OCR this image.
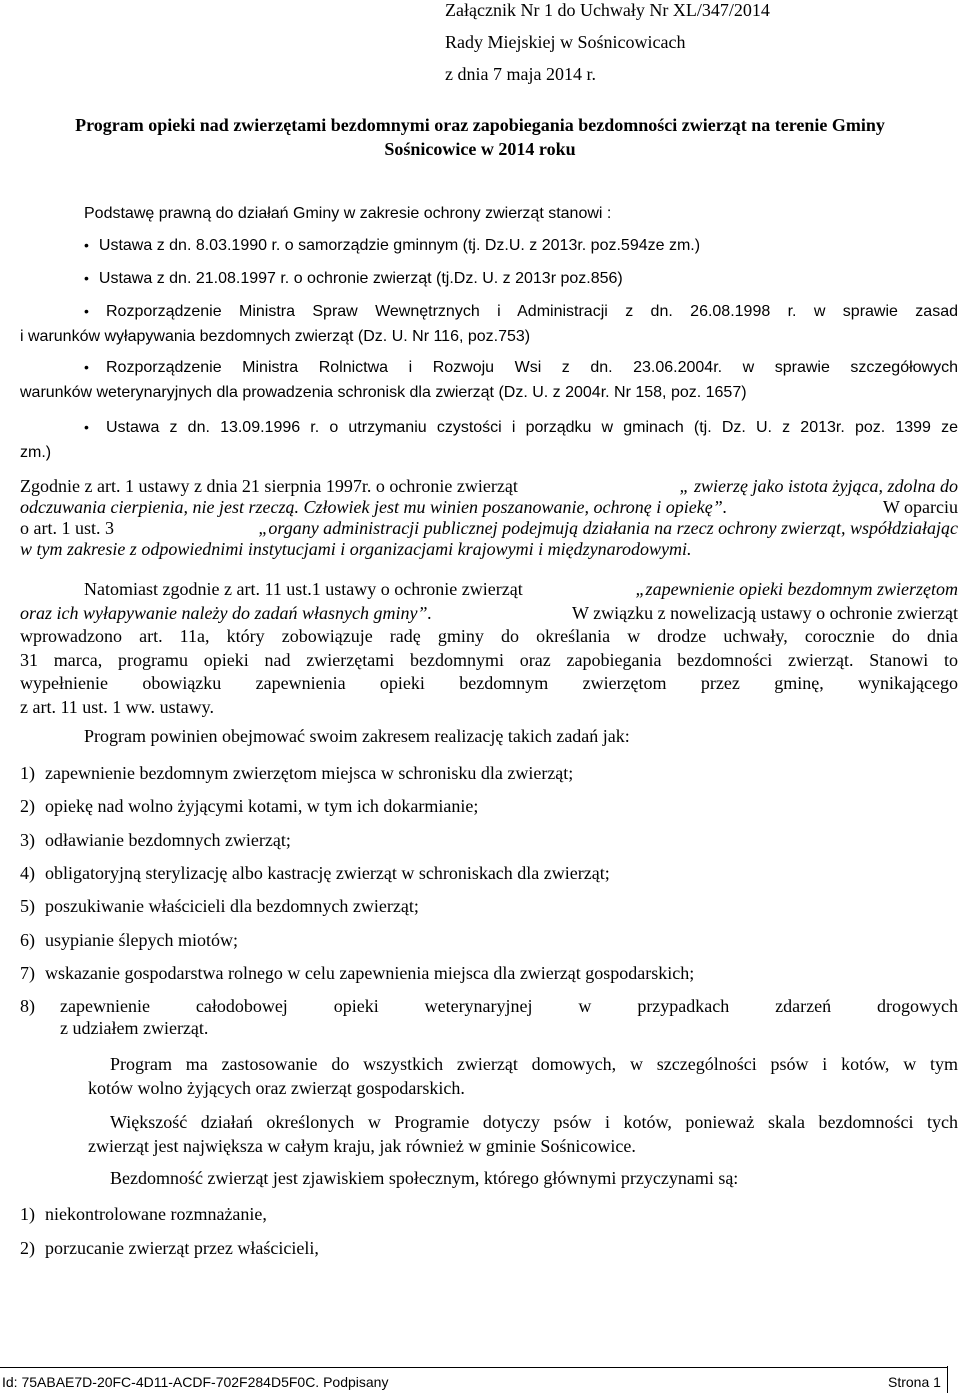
Załącznik Nr 1 do Uchwały Nr XL/347/2014
Rady Miejskiej w Sośnicowicach
z dnia 7 maja 2014 r.
Program opieki nad zwierzętami bezdomnymi oraz zapobiegania bezdomności zwierząt na terenie Gminy
Sośnicowice w 2014 roku
Podstawę prawną do działań Gminy w zakresie ochrony zwierząt stanowi :
• Ustawa z dn. 8.03.1990 r. o samorządzie gminnym (tj. Dz.U. z 2013r. poz.594ze zm.)
• Ustawa z dn. 21.08.1997 r. o ochronie zwierząt (tj.Dz. U. z 2013r poz.856)
• Rozporządzenie Ministra Spraw Wewnętrznych i Administracji z dn. 26.08.1998 r. w sprawie zasad
i warunków wyłapywania bezdomnych zwierząt (Dz. U. Nr 116, poz.753)
• Rozporządzenie Ministra Rolnictwa i Rozwoju Wsi z dn. 23.06.2004r. w sprawie szczegółowych
warunków weterynaryjnych dla prowadzenia schronisk dla zwierząt (Dz. U. z 2004r. Nr 158, poz. 1657)
• Ustawa z dn. 13.09.1996 r. o utrzymaniu czystości i porządku w gminach (tj. Dz. U. z 2013r. poz. 1399 ze
zm.)
Zgodnie z art. 1 ustawy z dnia 21 sierpnia 1997r. o ochronie zwierząt	„ zwierzę jako istota żyjąca, zdolna do
odczuwania cierpienia, nie jest rzeczą. Człowiek jest mu winien poszanowanie, ochronę i opiekę”.	W oparciu
o art. 1 ust. 3	„organy administracji publicznej podejmują działania na rzecz ochrony zwierząt, współdziałając
w tym zakresie z odpowiednimi instytucjami i organizacjami krajowymi i międzynarodowymi.
Natomiast zgodnie z art. 11 ust.1 ustawy o ochronie zwierząt	„zapewnienie opieki bezdomnym zwierzętom
oraz ich wyłapywanie należy do zadań własnych gminy”.	W związku z nowelizacją ustawy o ochronie zwierząt
wprowadzono art. 11a, który zobowiązuje radę gminy do określania w drodze uchwały, corocznie do dnia
31 marca, programu opieki nad zwierzętami bezdomnymi oraz zapobiegania bezdomności zwierząt. Stanowi to
wypełnienie obowiązku zapewnienia opieki bezdomnym zwierzętom przez gminę, wynikającego
z art. 11 ust. 1 ww. ustawy.
Program powinien obejmować swoim zakresem realizację takich zadań jak:
1) zapewnienie bezdomnym zwierzętom miejsca w schronisku dla zwierząt;
2) opiekę nad wolno żyjącymi kotami, w tym ich dokarmianie;
3) odławianie bezdomnych zwierząt;
4) obligatoryjną sterylizację albo kastrację zwierząt w schroniskach dla zwierząt;
5) poszukiwanie właścicieli dla bezdomnych zwierząt;
6) usypianie ślepych miotów;
7) wskazanie gospodarstwa rolnego w celu zapewnienia miejsca dla zwierząt gospodarskich;
8) zapewnienie całodobowej opieki weterynaryjnej w przypadkach zdarzeń drogowych
z udziałem zwierząt.
Program ma zastosowanie do wszystkich zwierząt domowych, w szczególności psów i kotów, w tym
kotów wolno żyjących oraz zwierząt gospodarskich.
Większość działań określonych w Programie dotyczy psów i kotów, ponieważ skala bezdomności tych
zwierząt jest największa w całym kraju, jak również w gminie Sośnicowice.
Bezdomność zwierząt jest zjawiskiem społecznym, którego głównymi przyczynami są:
1) niekontrolowane rozmnażanie,
2) porzucanie zwierząt przez właścicieli,
Id: 75ABAE7D-20FC-4D11-ACDF-702F284D5F0C. Podpisany	Strona 1
